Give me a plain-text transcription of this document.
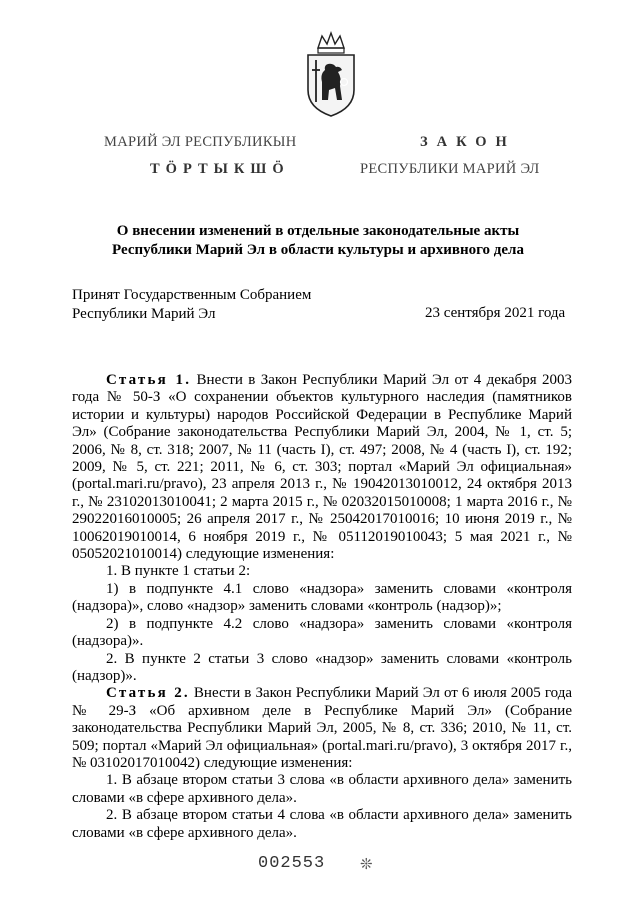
МАРИЙ ЭЛ РЕСПУБЛИКЫН
ТӦРТЫКШӦ
ЗАКОН
РЕСПУБЛИКИ МАРИЙ ЭЛ
О внесении изменений в отдельные законодательные акты
Республики Марий Эл в области культуры и архивного дела
Принят Государственным Собранием
Республики Марий Эл	23 сентября 2021 года

Статья 1. Внести в Закон Республики Марий Эл от 4 декабря 2003 года № 50-З «О сохранении объектов культурного наследия (памятников истории и культуры) народов Российской Федерации в Республике Марий Эл» (Собрание законодательства Республики Марий Эл, 2004, № 1, ст. 5; 2006, № 8, ст. 318; 2007, № 11 (часть I), ст. 497; 2008, № 4 (часть I), ст. 192; 2009, № 5, ст. 221; 2011, № 6, ст. 303; портал «Марий Эл официальная» (portal.mari.ru/pravo), 23 апреля 2013 г., № 19042013010012, 24 октября 2013 г., № 23102013010041; 2 марта 2015 г., № 02032015010008; 1 марта 2016 г., № 29022016010005; 26 апреля 2017 г., № 25042017010016; 10 июня 2019 г., № 10062019010014, 6 ноября 2019 г., № 05112019010043; 5 мая 2021 г., № 05052021010014) следующие изменения:

1. В пункте 1 статьи 2:

1) в подпункте 4.1 слово «надзора» заменить словами «контроля (надзора)», слово «надзор» заменить словами «контроль (надзор)»;

2) в подпункте 4.2 слово «надзора» заменить словами «контроля (надзора)».

2. В пункте 2 статьи 3 слово «надзор» заменить словами «контроль (надзор)».

Статья 2. Внести в Закон Республики Марий Эл от 6 июля 2005 года № 29-З «Об архивном деле в Республике Марий Эл» (Собрание законодательства Республики Марий Эл, 2005, № 8, ст. 336; 2010, № 11, ст. 509; портал «Марий Эл официальная» (portal.mari.ru/pravo), 3 октября 2017 г., № 03102017010042) следующие изменения:

1. В абзаце втором статьи 3 слова «в области архивного дела» заменить словами «в сфере архивного дела».

2. В абзаце втором статьи 4 слова «в области архивного дела» заменить словами «в сфере архивного дела».

002553 ❊
